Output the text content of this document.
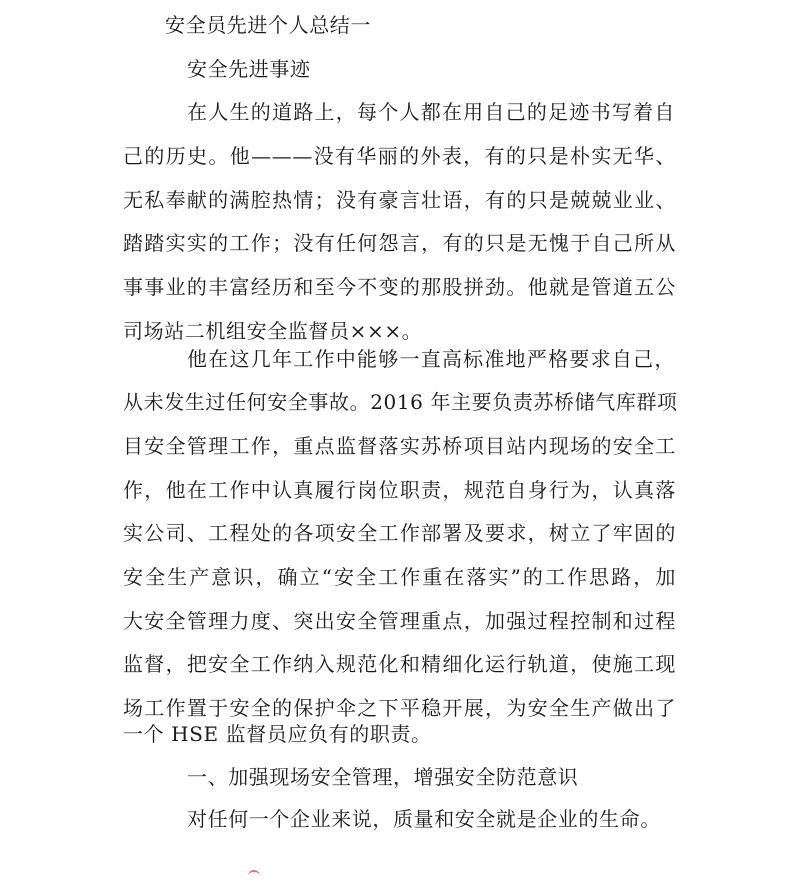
安全员先进个人总结一
安全先进事迹
在人生的道路上，每个人都在用自己的足迹书写着自
己的历史。他———没有华丽的外表，有的只是朴实无华、
无私奉献的满腔热情；没有豪言壮语，有的只是兢兢业业、
踏踏实实的工作；没有任何怨言，有的只是无愧于自己所从
事事业的丰富经历和至今不变的那股拼劲。他就是管道五公
司场站二机组安全监督员×××。
他在这几年工作中能够一直高标准地严格要求自己，
从未发生过任何安全事故。2016 年主要负责苏桥储气库群项
目安全管理工作，重点监督落实苏桥项目站内现场的安全工
作，他在工作中认真履行岗位职责，规范自身行为，认真落
实公司、工程处的各项安全工作部署及要求，树立了牢固的
安全生产意识，确立“安全工作重在落实”的工作思路，加
大安全管理力度、突出安全管理重点，加强过程控制和过程
监督，把安全工作纳入规范化和精细化运行轨道，使施工现
场工作置于安全的保护伞之下平稳开展，为安全生产做出了
一个 HSE 监督员应负有的职责。
一、加强现场安全管理，增强安全防范意识
对任何一个企业来说，质量和安全就是企业的生命。
